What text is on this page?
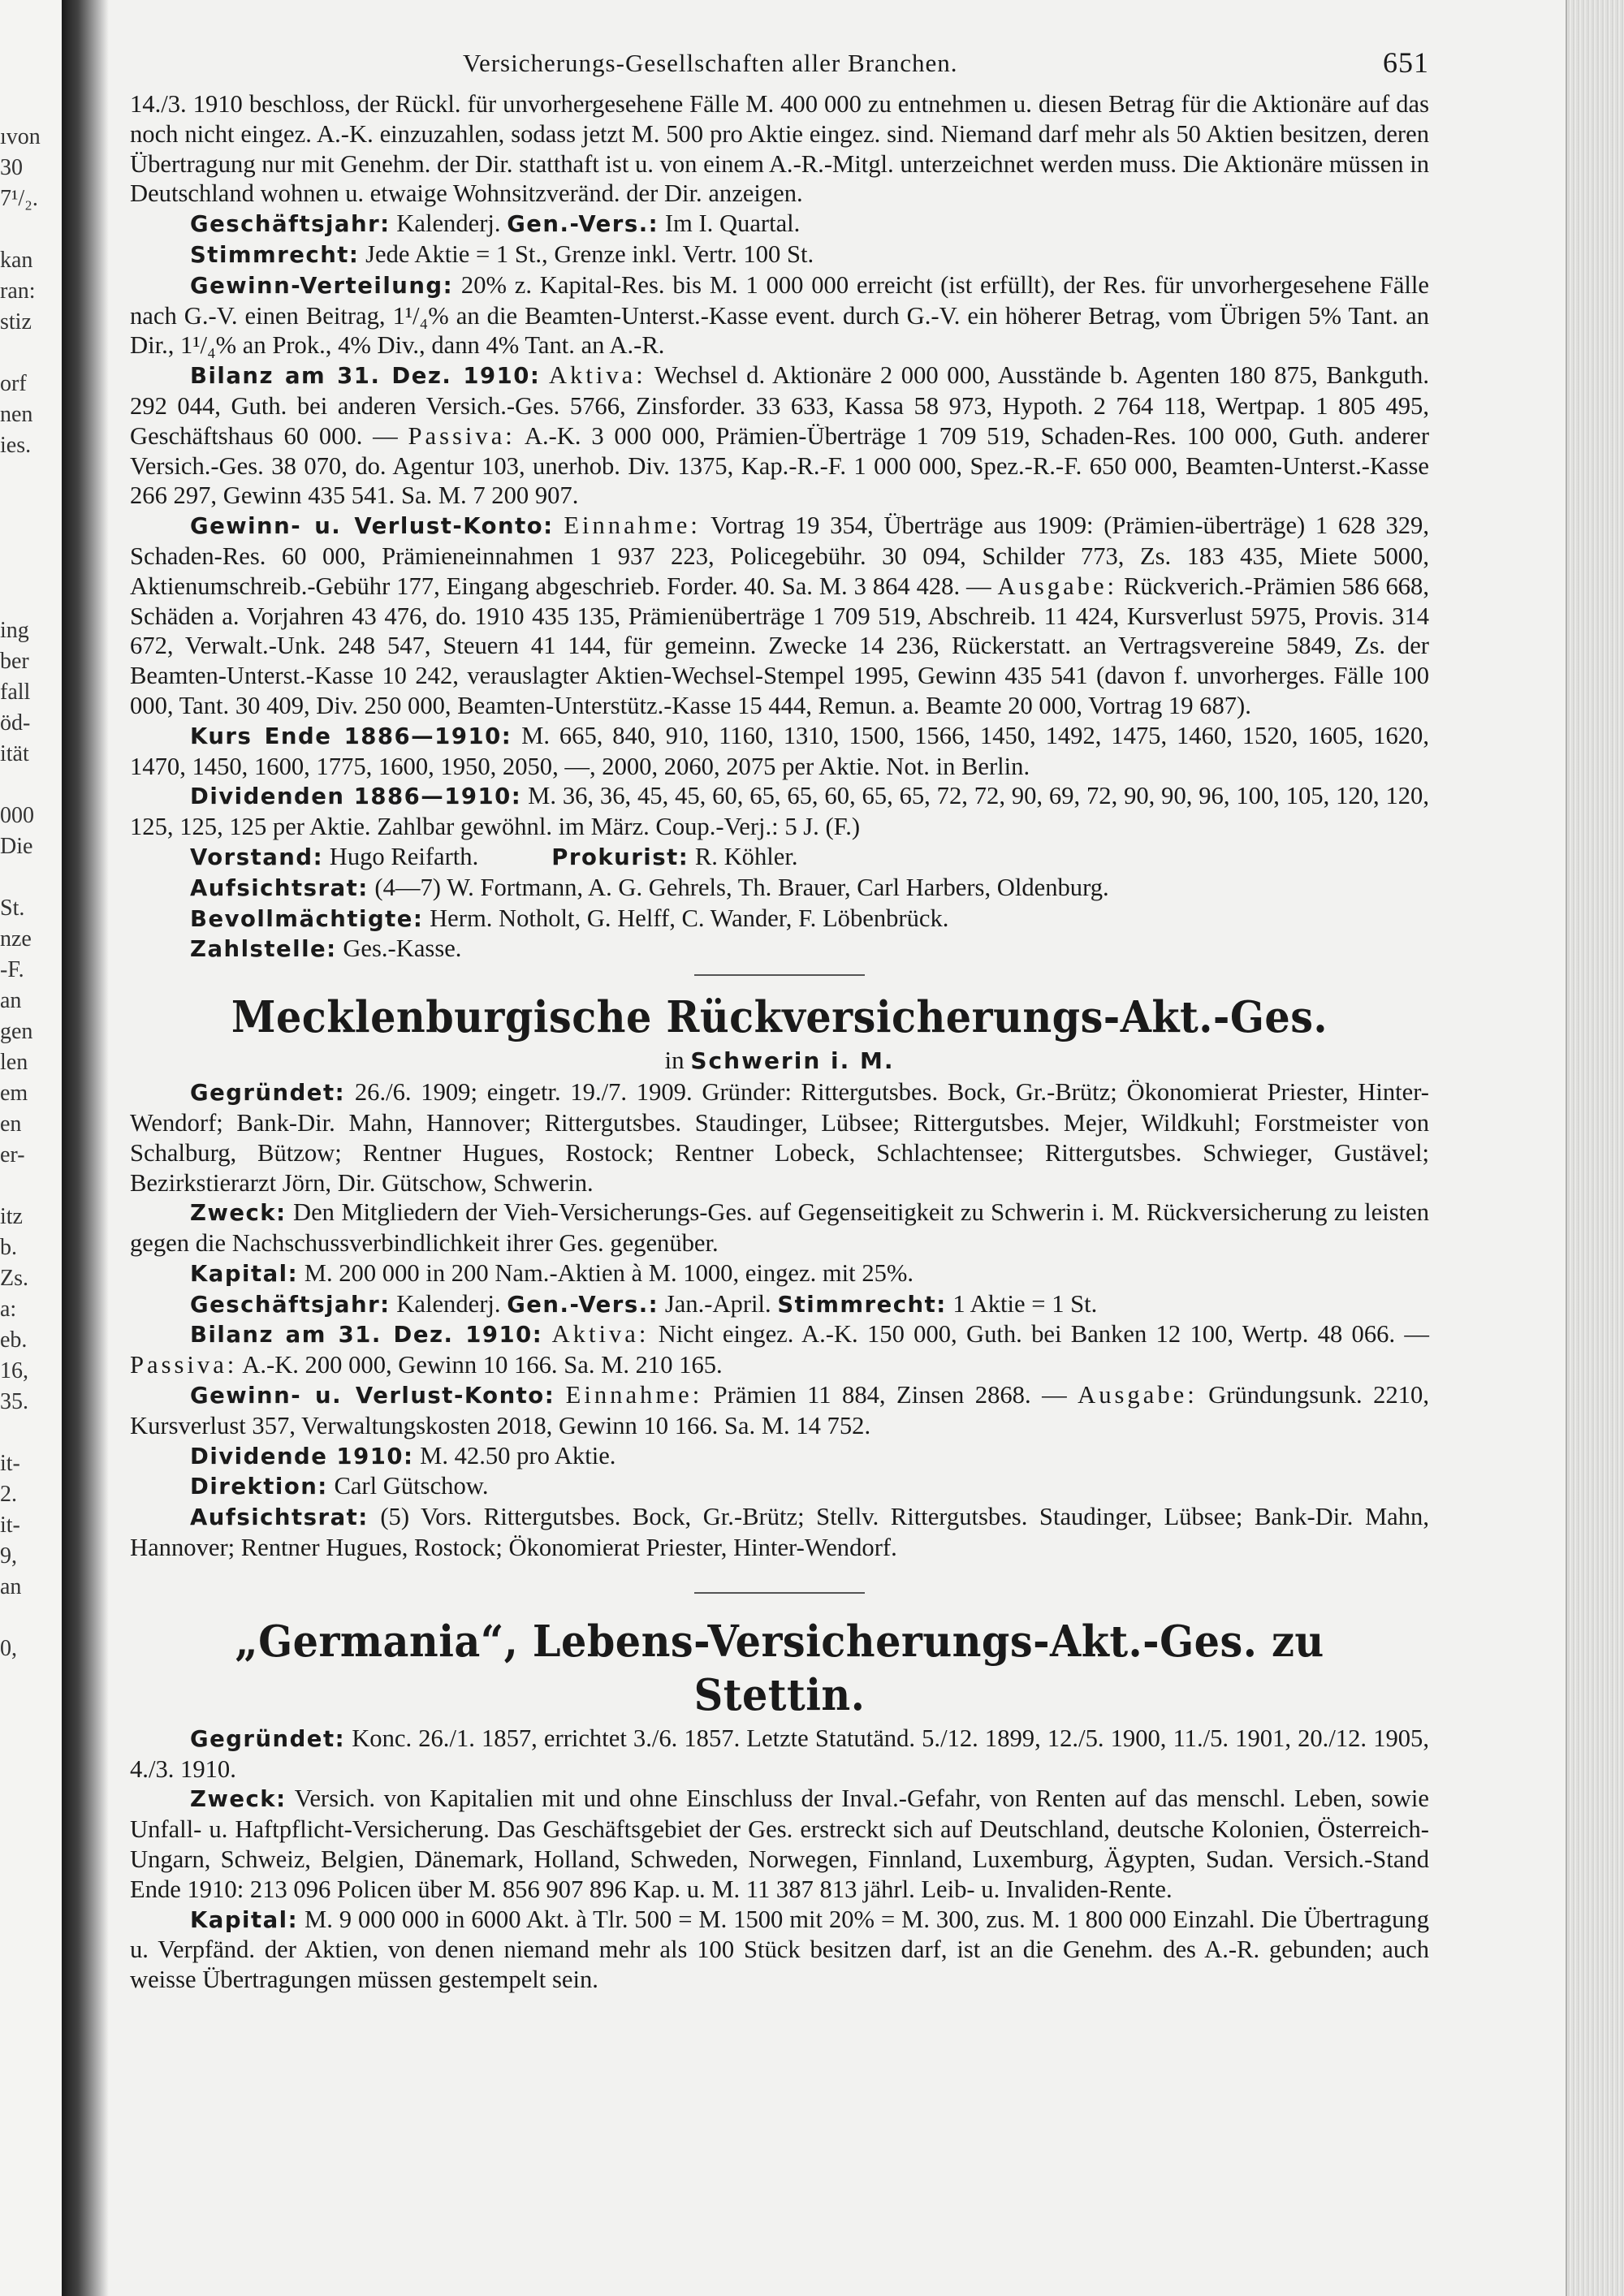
ıvon
30
7¹/₂.

kan
ran:
stiz

orf
nen
ies.

ing
ber
fall
öd-
ität

000
Die

St.
nze
-F.
an
gen
len
em
en
er-

itz
b.
Zs.
a:
eb.
16,
35.

it-
2.
it-
9,
an

0,
Versicherungs-Gesellschaften aller Branchen.	651

14./3. 1910 beschloss, der Rückl. für unvorhergesehene Fälle M. 400 000 zu entnehmen u. diesen Betrag für die Aktionäre auf das noch nicht eingez. A.-K. einzuzahlen, sodass jetzt M. 500 pro Aktie eingez. sind. Niemand darf mehr als 50 Aktien besitzen, deren Übertragung nur mit Genehm. der Dir. statthaft ist u. von einem A.-R.-Mitgl. unterzeichnet werden muss. Die Aktionäre müssen in Deutschland wohnen u. etwaige Wohnsitzveränd. der Dir. anzeigen.

Geschäftsjahr: Kalenderj. Gen.-Vers.: Im I. Quartal.

Stimmrecht: Jede Aktie = 1 St., Grenze inkl. Vertr. 100 St.

Gewinn-Verteilung: 20% z. Kapital-Res. bis M. 1 000 000 erreicht (ist erfüllt), der Res. für unvorhergesehene Fälle nach G.-V. einen Beitrag, 1¹/₄% an die Beamten-Unterst.-Kasse event. durch G.-V. ein höherer Betrag, vom Übrigen 5% Tant. an Dir., 1¹/₄% an Prok., 4% Div., dann 4% Tant. an A.-R.

Bilanz am 31. Dez. 1910: Aktiva: Wechsel d. Aktionäre 2 000 000, Ausstände b. Agenten 180 875, Bankguth. 292 044, Guth. bei anderen Versich.-Ges. 5766, Zinsforder. 33 633, Kassa 58 973, Hypoth. 2 764 118, Wertpap. 1 805 495, Geschäftshaus 60 000. — Passiva: A.-K. 3 000 000, Prämien-Überträge 1 709 519, Schaden-Res. 100 000, Guth. anderer Versich.-Ges. 38 070, do. Agentur 103, unerhob. Div. 1375, Kap.-R.-F. 1 000 000, Spez.-R.-F. 650 000, Beamten-Unterst.-Kasse 266 297, Gewinn 435 541. Sa. M. 7 200 907.

Gewinn- u. Verlust-Konto: Einnahme: Vortrag 19 354, Überträge aus 1909: (Prämien-überträge) 1 628 329, Schaden-Res. 60 000, Prämieneinnahmen 1 937 223, Policegebühr. 30 094, Schilder 773, Zs. 183 435, Miete 5000, Aktienumschreib.-Gebühr 177, Eingang abgeschrieb. Forder. 40. Sa. M. 3 864 428. — Ausgabe: Rückverich.-Prämien 586 668, Schäden a. Vorjahren 43 476, do. 1910 435 135, Prämienüberträge 1 709 519, Abschreib. 11 424, Kursverlust 5975, Provis. 314 672, Verwalt.-Unk. 248 547, Steuern 41 144, für gemeinn. Zwecke 14 236, Rückerstatt. an Vertragsvereine 5849, Zs. der Beamten-Unterst.-Kasse 10 242, verauslagter Aktien-Wechsel-Stempel 1995, Gewinn 435 541 (davon f. unvorherges. Fälle 100 000, Tant. 30 409, Div. 250 000, Beamten-Unterstütz.-Kasse 15 444, Remun. a. Beamte 20 000, Vortrag 19 687).

Kurs Ende 1886—1910: M. 665, 840, 910, 1160, 1310, 1500, 1566, 1450, 1492, 1475, 1460, 1520, 1605, 1620, 1470, 1450, 1600, 1775, 1600, 1950, 2050, —, 2000, 2060, 2075 per Aktie. Not. in Berlin.

Dividenden 1886—1910: M. 36, 36, 45, 45, 60, 65, 65, 60, 65, 65, 72, 72, 90, 69, 72, 90, 90, 96, 100, 105, 120, 120, 125, 125, 125 per Aktie. Zahlbar gewöhnl. im März. Coup.-Verj.: 5 J. (F.)

Vorstand: Hugo Reifarth.	Prokurist: R. Köhler.

Aufsichtsrat: (4—7) W. Fortmann, A. G. Gehrels, Th. Brauer, Carl Harbers, Oldenburg.

Bevollmächtigte: Herm. Notholt, G. Helff, C. Wander, F. Löbenbrück.

Zahlstelle: Ges.-Kasse.

Mecklenburgische Rückversicherungs-Akt.-Ges.
in Schwerin i. M.

Gegründet: 26./6. 1909; eingetr. 19./7. 1909. Gründer: Rittergutsbes. Bock, Gr.-Brütz; Ökonomierat Priester, Hinter-Wendorf; Bank-Dir. Mahn, Hannover; Rittergutsbes. Staudinger, Lübsee; Rittergutsbes. Mejer, Wildkuhl; Forstmeister von Schalburg, Bützow; Rentner Hugues, Rostock; Rentner Lobeck, Schlachtensee; Rittergutsbes. Schwieger, Gustävel; Bezirkstierarzt Jörn, Dir. Gütschow, Schwerin.

Zweck: Den Mitgliedern der Vieh-Versicherungs-Ges. auf Gegenseitigkeit zu Schwerin i. M. Rückversicherung zu leisten gegen die Nachschussverbindlichkeit ihrer Ges. gegenüber.

Kapital: M. 200 000 in 200 Nam.-Aktien à M. 1000, eingez. mit 25%.

Geschäftsjahr: Kalenderj. Gen.-Vers.: Jan.-April. Stimmrecht: 1 Aktie = 1 St.

Bilanz am 31. Dez. 1910: Aktiva: Nicht eingez. A.-K. 150 000, Guth. bei Banken 12 100, Wertp. 48 066. — Passiva: A.-K. 200 000, Gewinn 10 166. Sa. M. 210 165.

Gewinn- u. Verlust-Konto: Einnahme: Prämien 11 884, Zinsen 2868. — Ausgabe: Gründungsunk. 2210, Kursverlust 357, Verwaltungskosten 2018, Gewinn 10 166. Sa. M. 14 752.

Dividende 1910: M. 42.50 pro Aktie.

Direktion: Carl Gütschow.

Aufsichtsrat: (5) Vors. Rittergutsbes. Bock, Gr.-Brütz; Stellv. Rittergutsbes. Staudinger, Lübsee; Bank-Dir. Mahn, Hannover; Rentner Hugues, Rostock; Ökonomierat Priester, Hinter-Wendorf.

„Germania“, Lebens-Versicherungs-Akt.-Ges. zu Stettin.

Gegründet: Konc. 26./1. 1857, errichtet 3./6. 1857. Letzte Statutänd. 5./12. 1899, 12./5. 1900, 11./5. 1901, 20./12. 1905, 4./3. 1910.

Zweck: Versich. von Kapitalien mit und ohne Einschluss der Inval.-Gefahr, von Renten auf das menschl. Leben, sowie Unfall- u. Haftpflicht-Versicherung. Das Geschäftsgebiet der Ges. erstreckt sich auf Deutschland, deutsche Kolonien, Österreich-Ungarn, Schweiz, Belgien, Dänemark, Holland, Schweden, Norwegen, Finnland, Luxemburg, Ägypten, Sudan. Versich.-Stand Ende 1910: 213 096 Policen über M. 856 907 896 Kap. u. M. 11 387 813 jährl. Leib- u. Invaliden-Rente.

Kapital: M. 9 000 000 in 6000 Akt. à Tlr. 500 = M. 1500 mit 20% = M. 300, zus. M. 1 800 000 Einzahl. Die Übertragung u. Verpfänd. der Aktien, von denen niemand mehr als 100 Stück besitzen darf, ist an die Genehm. des A.-R. gebunden; auch weisse Übertragungen müssen gestempelt sein.
